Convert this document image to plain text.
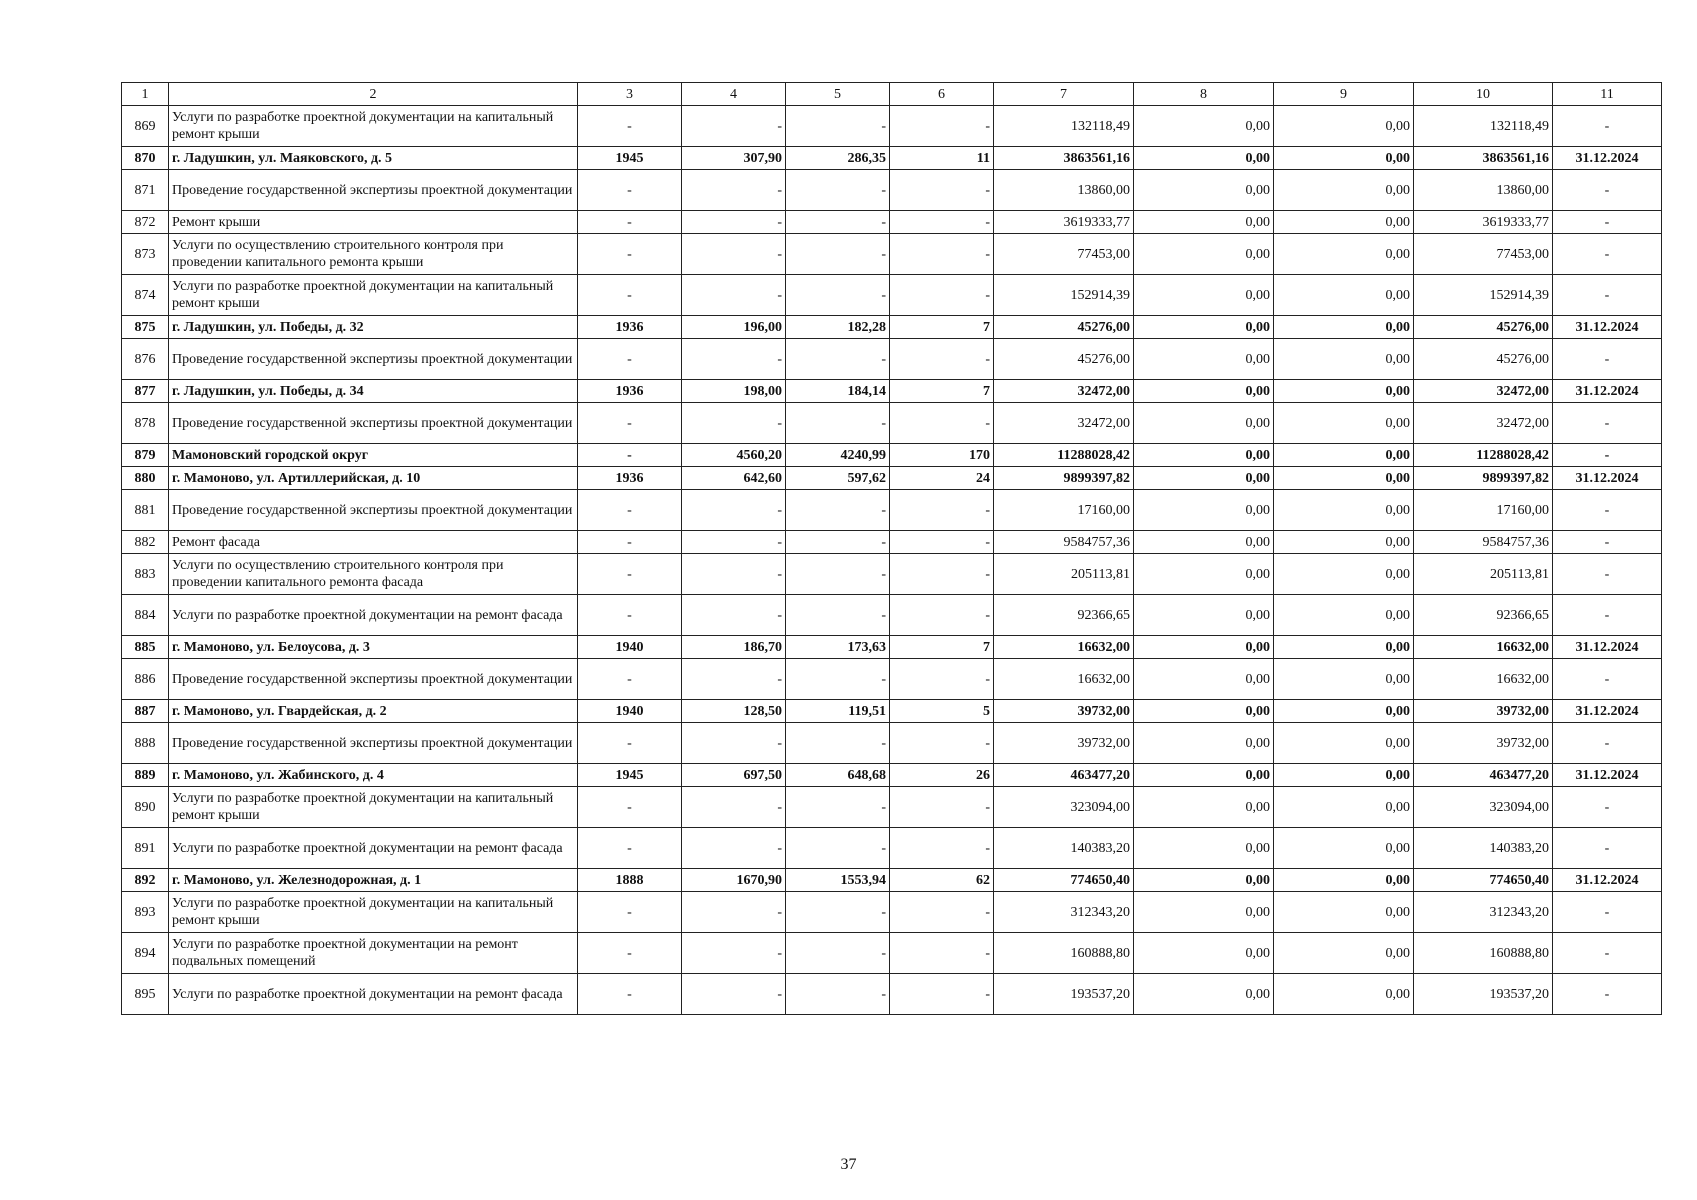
1	2	3	4	5	6	7	8	9	10	11
869	Услуги по разработке проектной документации на капитальный ремонт крыши	-	-	-	-	132118,49	0,00	0,00	132118,49	-
870	г. Ладушкин, ул. Маяковского, д. 5	1945	307,90	286,35	11	3863561,16	0,00	0,00	3863561,16	31.12.2024
871	Проведение государственной экспертизы проектной документации	-	-	-	-	13860,00	0,00	0,00	13860,00	-
872	Ремонт крыши	-	-	-	-	3619333,77	0,00	0,00	3619333,77	-
873	Услуги по осуществлению строительного контроля при проведении капитального ремонта крыши	-	-	-	-	77453,00	0,00	0,00	77453,00	-
874	Услуги по разработке проектной документации на капитальный ремонт крыши	-	-	-	-	152914,39	0,00	0,00	152914,39	-
875	г. Ладушкин, ул. Победы, д. 32	1936	196,00	182,28	7	45276,00	0,00	0,00	45276,00	31.12.2024
876	Проведение государственной экспертизы проектной документации	-	-	-	-	45276,00	0,00	0,00	45276,00	-
877	г. Ладушкин, ул. Победы, д. 34	1936	198,00	184,14	7	32472,00	0,00	0,00	32472,00	31.12.2024
878	Проведение государственной экспертизы проектной документации	-	-	-	-	32472,00	0,00	0,00	32472,00	-
879	Мамоновский городской округ	-	4560,20	4240,99	170	11288028,42	0,00	0,00	11288028,42	-
880	г. Мамоново, ул. Артиллерийская, д. 10	1936	642,60	597,62	24	9899397,82	0,00	0,00	9899397,82	31.12.2024
881	Проведение государственной экспертизы проектной документации	-	-	-	-	17160,00	0,00	0,00	17160,00	-
882	Ремонт фасада	-	-	-	-	9584757,36	0,00	0,00	9584757,36	-
883	Услуги по осуществлению строительного контроля при проведении капитального ремонта фасада	-	-	-	-	205113,81	0,00	0,00	205113,81	-
884	Услуги по разработке проектной документации на ремонт фасада	-	-	-	-	92366,65	0,00	0,00	92366,65	-
885	г. Мамоново, ул. Белоусова, д. 3	1940	186,70	173,63	7	16632,00	0,00	0,00	16632,00	31.12.2024
886	Проведение государственной экспертизы проектной документации	-	-	-	-	16632,00	0,00	0,00	16632,00	-
887	г. Мамоново, ул. Гвардейская, д. 2	1940	128,50	119,51	5	39732,00	0,00	0,00	39732,00	31.12.2024
888	Проведение государственной экспертизы проектной документации	-	-	-	-	39732,00	0,00	0,00	39732,00	-
889	г. Мамоново, ул. Жабинского, д. 4	1945	697,50	648,68	26	463477,20	0,00	0,00	463477,20	31.12.2024
890	Услуги по разработке проектной документации на капитальный ремонт крыши	-	-	-	-	323094,00	0,00	0,00	323094,00	-
891	Услуги по разработке проектной документации на ремонт фасада	-	-	-	-	140383,20	0,00	0,00	140383,20	-
892	г. Мамоново, ул. Железнодорожная, д. 1	1888	1670,90	1553,94	62	774650,40	0,00	0,00	774650,40	31.12.2024
893	Услуги по разработке проектной документации на капитальный ремонт крыши	-	-	-	-	312343,20	0,00	0,00	312343,20	-
894	Услуги по разработке проектной документации на ремонт подвальных помещений	-	-	-	-	160888,80	0,00	0,00	160888,80	-
895	Услуги по разработке проектной документации на ремонт фасада	-	-	-	-	193537,20	0,00	0,00	193537,20	-
37
